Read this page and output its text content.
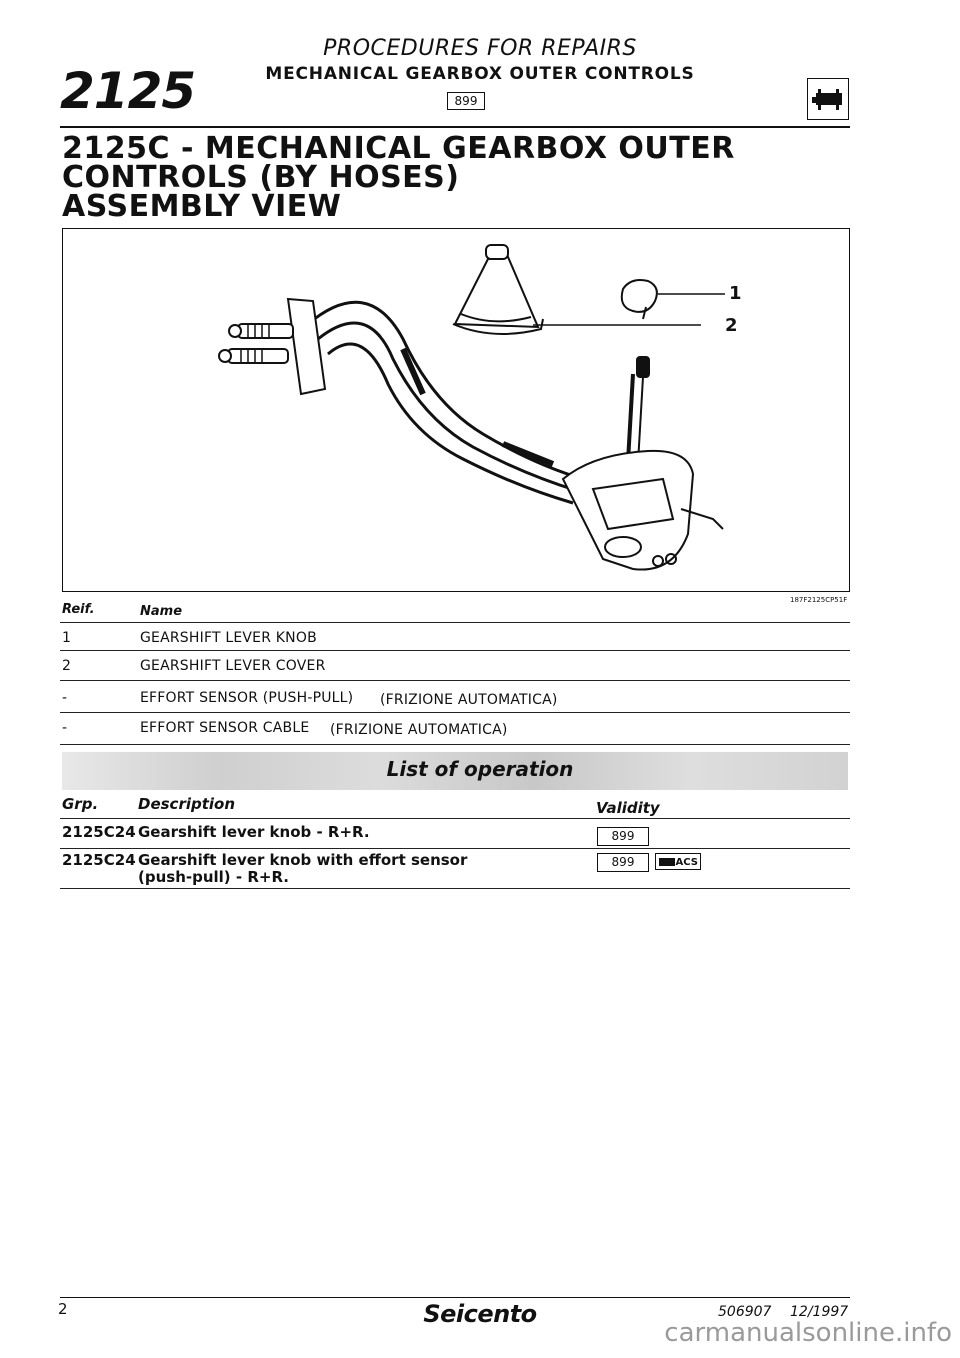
PROCEDURES FOR REPAIRS
MECHANICAL GEARBOX OUTER CONTROLS
2125	899
2125C - MECHANICAL GEARBOX OUTER
CONTROLS (BY HOSES)
ASSEMBLY VIEW
1
2
187F2125CP51F
Reif.	Name
1	GEARSHIFT LEVER KNOB
2	GEARSHIFT LEVER COVER
-	EFFORT SENSOR (PUSH-PULL) (FRIZIONE AUTOMATICA)
-	EFFORT SENSOR CABLE (FRIZIONE AUTOMATICA)
List of operation
Grp.	Description	Validity
2125C24 Gearshift lever knob - R+R.	899
2125C24 Gearshift lever knob with effort sensor
(push-pull) - R+R.
899	ACS
2	Seicento	506907 12/1997
carmanualsonline.info
